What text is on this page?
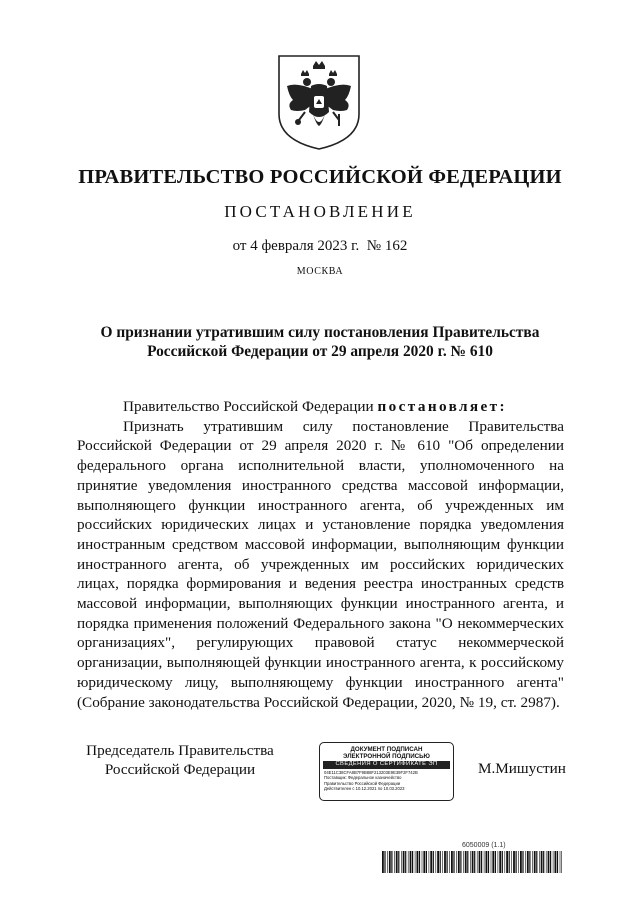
ПРАВИТЕЛЬСТВО РОССИЙСКОЙ ФЕДЕРАЦИИ
ПОСТАНОВЛЕНИЕ
от 4 февраля 2023 г.  № 162
МОСКВА
О признании утратившим силу постановления Правительства
Российской Федерации от 29 апреля 2020 г. № 610

Правительство Российской Федерации постановляет:

Признать утратившим силу постановление Правительства Российской Федерации от 29 апреля 2020 г. № 610 "Об определении федерального органа исполнительной власти, уполномоченного на принятие уведомления иностранного средства массовой информации, выполняющего функции иностранного агента, об учрежденных им российских юридических лицах и установление порядка уведомления иностранным средством массовой информации, выполняющим функции иностранного агента, об учрежденных им российских юридических лицах, порядка формирования и ведения реестра иностранных средств массовой информации, выполняющих функции иностранного агента, и порядка применения положений Федерального закона "О некоммерческих организациях", регулирующих правовой статус некоммерческой организации, выполняющей функции иностранного агента, к российскому юридическому лицу, выполняющему функции иностранного агента" (Собрание законодательства Российской Федерации, 2020, № 19, ст. 2987).

Председатель Правительства
Российской Федерации
ДОКУМЕНТ ПОДПИСАН
ЭЛЕКТРОННОЙ ПОДПИСЬЮ
СВЕДЕНИЯ О СЕРТИФИКАТЕ ЭП
04E11C38CFA8B7F9B88F213203E9E39F2F742B
Поставщик: Федеральное казначейство
Правительство Российской Федерации
Действителен с 10.12.2021 по 10.03.2023
М.Мишустин
6050009 (1.1)
